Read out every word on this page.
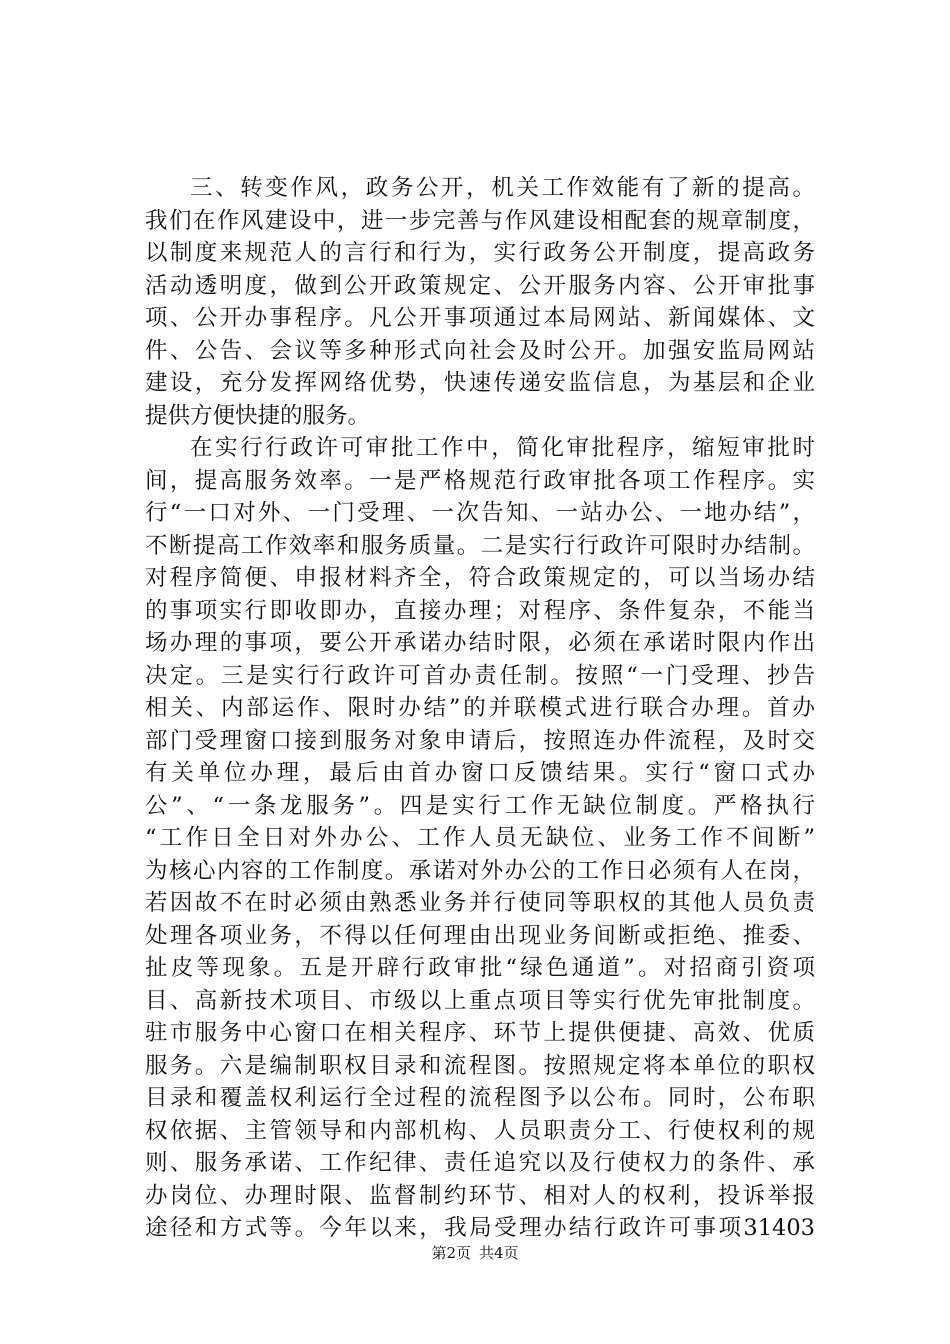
三、转变作风，政务公开，机关工作效能有了新的提高。
我们在作风建设中，进一步完善与作风建设相配套的规章制度，
以制度来规范人的言行和行为，实行政务公开制度，提高政务
活动透明度，做到公开政策规定、公开服务内容、公开审批事
项、公开办事程序。凡公开事项通过本局网站、新闻媒体、文
件、公告、会议等多种形式向社会及时公开。加强安监局网站
建设，充分发挥网络优势，快速传递安监信息，为基层和企业
提供方便快捷的服务。
在实行行政许可审批工作中，简化审批程序，缩短审批时
间，提高服务效率。一是严格规范行政审批各项工作程序。实
行“一口对外、一门受理、一次告知、一站办公、一地办结”，
不断提高工作效率和服务质量。二是实行行政许可限时办结制。
对程序简便、申报材料齐全，符合政策规定的，可以当场办结
的事项实行即收即办，直接办理；对程序、条件复杂，不能当
场办理的事项，要公开承诺办结时限，必须在承诺时限内作出
决定。三是实行行政许可首办责任制。按照“一门受理、抄告
相关、内部运作、限时办结”的并联模式进行联合办理。首办
部门受理窗口接到服务对象申请后，按照连办件流程，及时交
有关单位办理，最后由首办窗口反馈结果。实行“窗口式办
公”、“一条龙服务”。四是实行工作无缺位制度。严格执行
“工作日全日对外办公、工作人员无缺位、业务工作不间断”
为核心内容的工作制度。承诺对外办公的工作日必须有人在岗，
若因故不在时必须由熟悉业务并行使同等职权的其他人员负责
处理各项业务，不得以任何理由出现业务间断或拒绝、推委、
扯皮等现象。五是开辟行政审批“绿色通道”。对招商引资项
目、高新技术项目、市级以上重点项目等实行优先审批制度。
驻市服务中心窗口在相关程序、环节上提供便捷、高效、优质
服务。六是编制职权目录和流程图。按照规定将本单位的职权
目录和覆盖权利运行全过程的流程图予以公布。同时，公布职
权依据、主管领导和内部机构、人员职责分工、行使权利的规
则、服务承诺、工作纪律、责任追究以及行使权力的条件、承
办岗位、办理时限、监督制约环节、相对人的权利，投诉举报
途径和方式等。今年以来，我局受理办结行政许可事项31403
第2页 共4页
